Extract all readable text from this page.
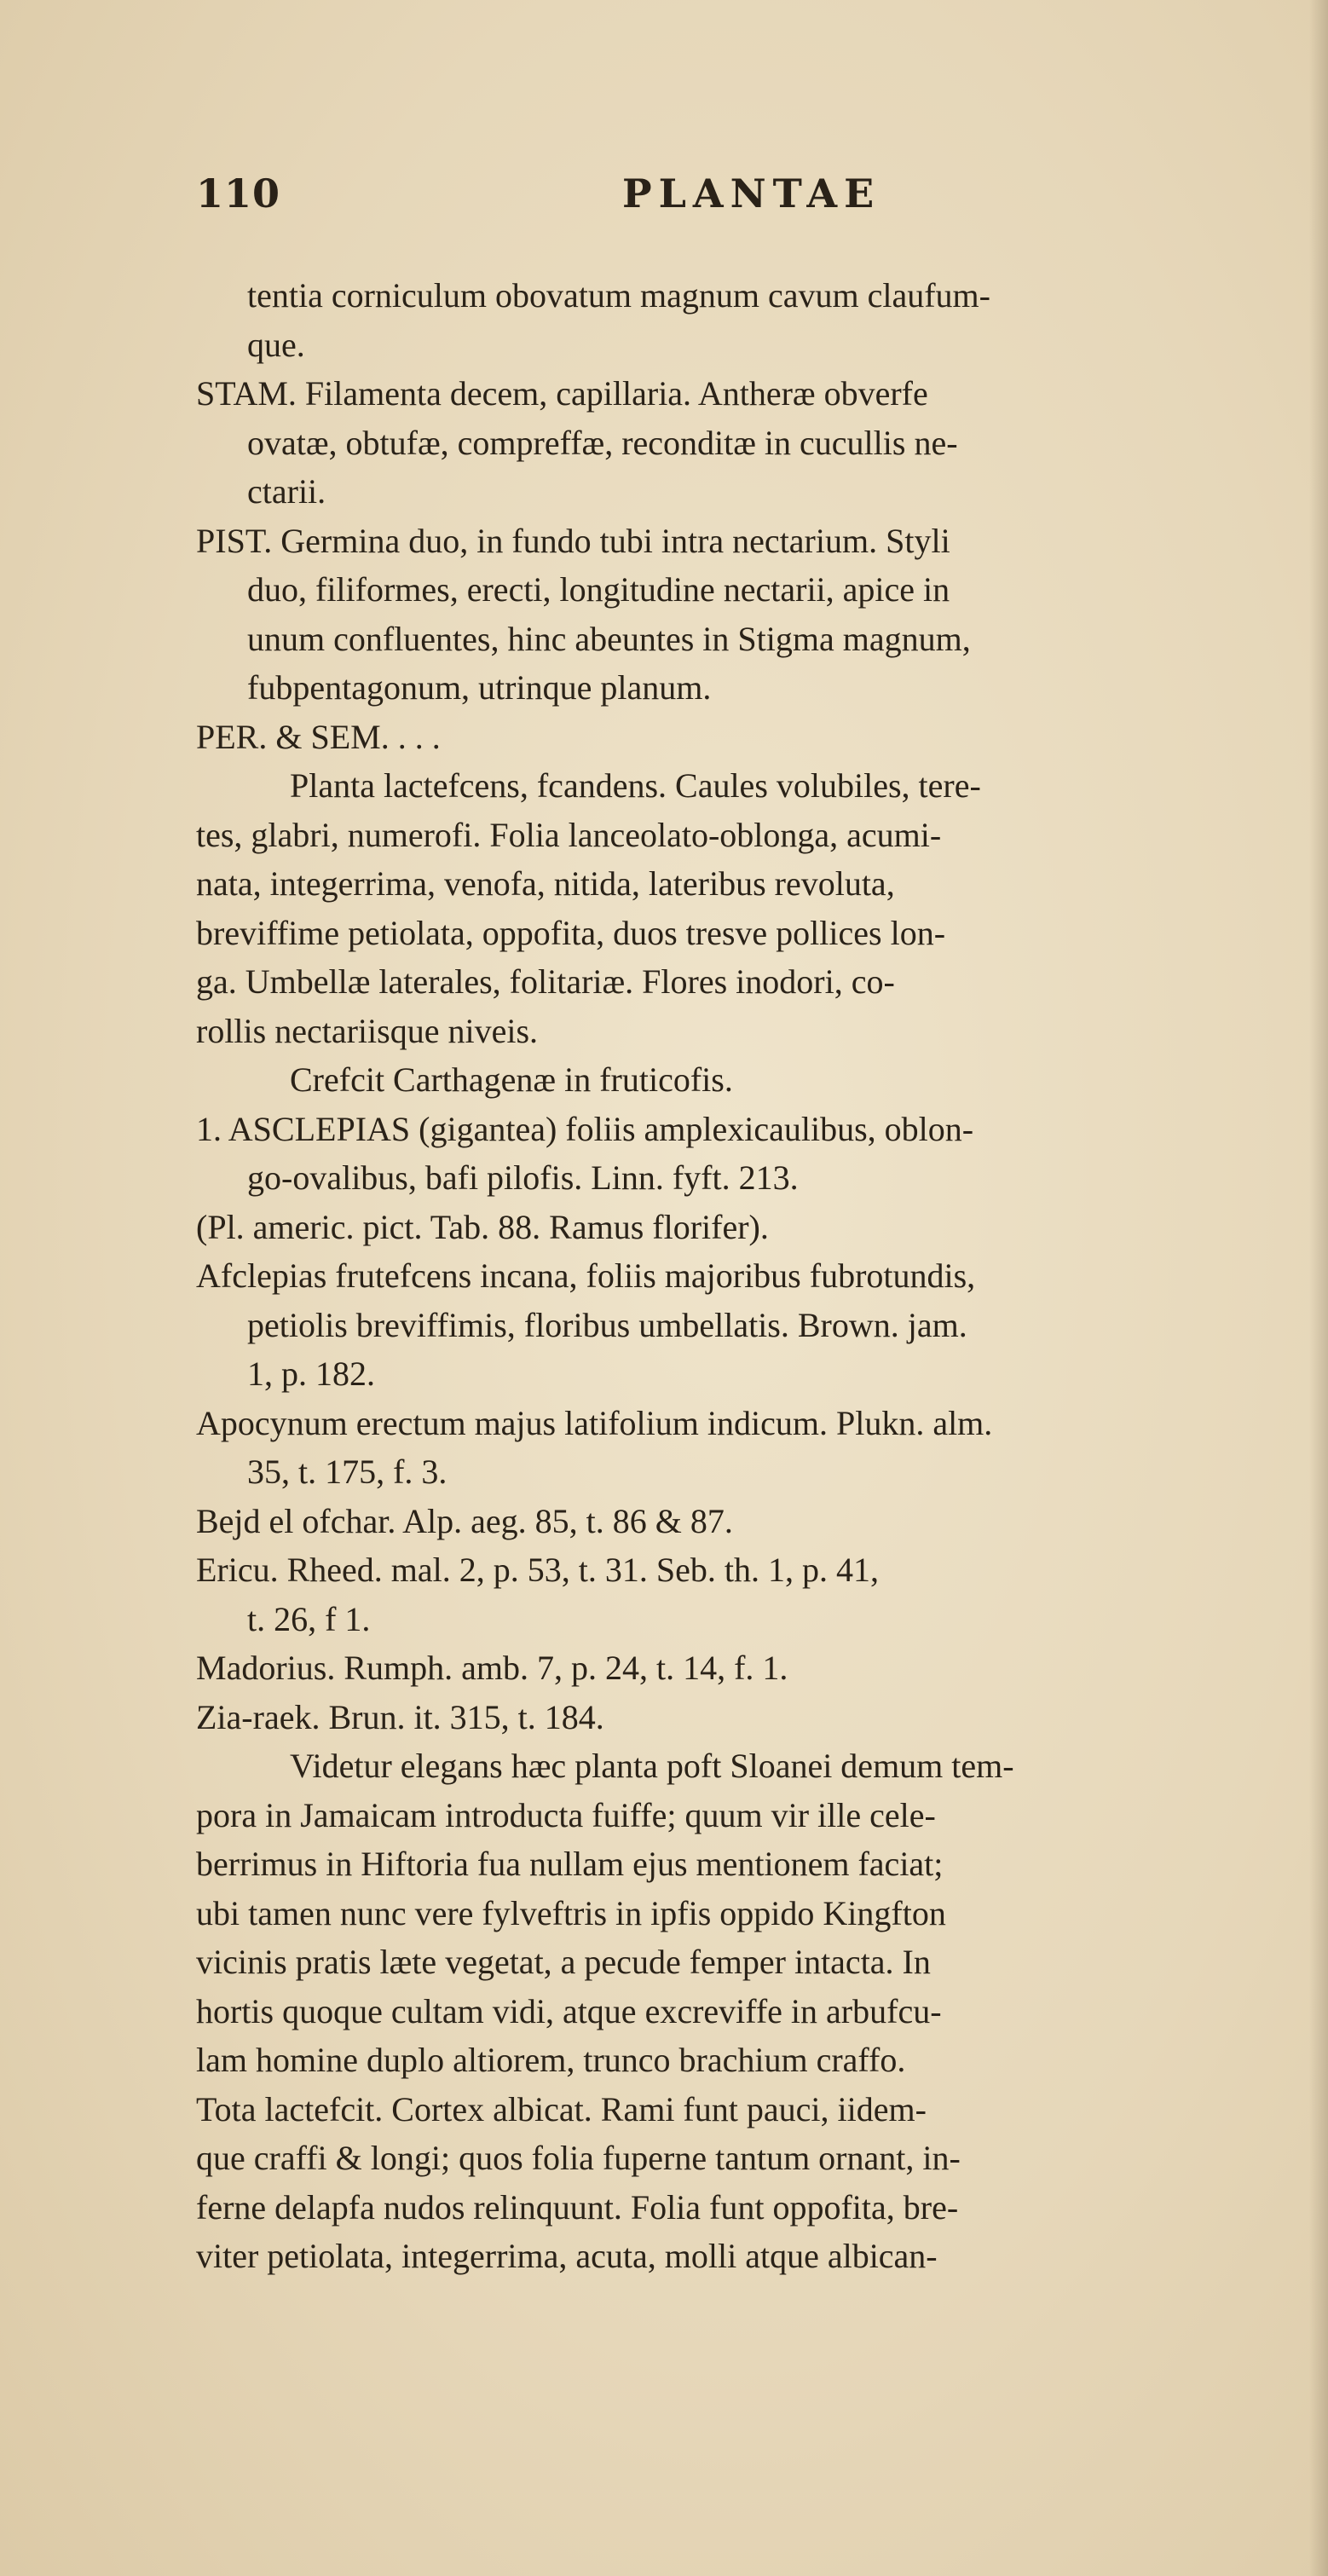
110	PLANTAE
tentia corniculum obovatum magnum cavum claufum-
que.
STAM. Filamenta decem, capillaria. Antheræ obverfe
ovatæ, obtufæ, compreffæ, reconditæ in cucullis ne-
ctarii.
PIST. Germina duo, in fundo tubi intra nectarium. Styli
duo, filiformes, erecti, longitudine nectarii, apice in
unum confluentes, hinc abeuntes in Stigma magnum,
fubpentagonum, utrinque planum.
PER. & SEM. . . .
Planta lactefcens, fcandens. Caules volubiles, tere-
tes, glabri, numerofi. Folia lanceolato-oblonga, acumi-
nata, integerrima, venofa, nitida, lateribus revoluta,
breviffime petiolata, oppofita, duos tresve pollices lon-
ga. Umbellæ laterales, folitariæ. Flores inodori, co-
rollis nectariisque niveis.
Crefcit Carthagenæ in fruticofis.
1. ASCLEPIAS (gigantea) foliis amplexicaulibus, oblon-
go-ovalibus, bafi pilofis. Linn. fyft. 213.
(Pl. americ. pict. Tab. 88. Ramus florifer).
Afclepias frutefcens incana, foliis majoribus fubrotundis,
petiolis breviffimis, floribus umbellatis. Brown. jam.
1, p. 182.
Apocynum erectum majus latifolium indicum. Plukn. alm.
35, t. 175, f. 3.
Bejd el ofchar. Alp. aeg. 85, t. 86 & 87.
Ericu. Rheed. mal. 2, p. 53, t. 31. Seb. th. 1, p. 41,
t. 26, f 1.
Madorius. Rumph. amb. 7, p. 24, t. 14, f. 1.
Zia-raek. Brun. it. 315, t. 184.
Videtur elegans hæc planta poft Sloanei demum tem-
pora in Jamaicam introducta fuiffe; quum vir ille cele-
berrimus in Hiftoria fua nullam ejus mentionem faciat;
ubi tamen nunc vere fylveftris in ipfis oppido Kingfton
vicinis pratis læte vegetat, a pecude femper intacta. In
hortis quoque cultam vidi, atque excreviffe in arbufcu-
lam homine duplo altiorem, trunco brachium craffo.
Tota lactefcit. Cortex albicat. Rami funt pauci, iidem-
que craffi & longi; quos folia fuperne tantum ornant, in-
ferne delapfa nudos relinquunt. Folia funt oppofita, bre-
viter petiolata, integerrima, acuta, molli atque albican-
